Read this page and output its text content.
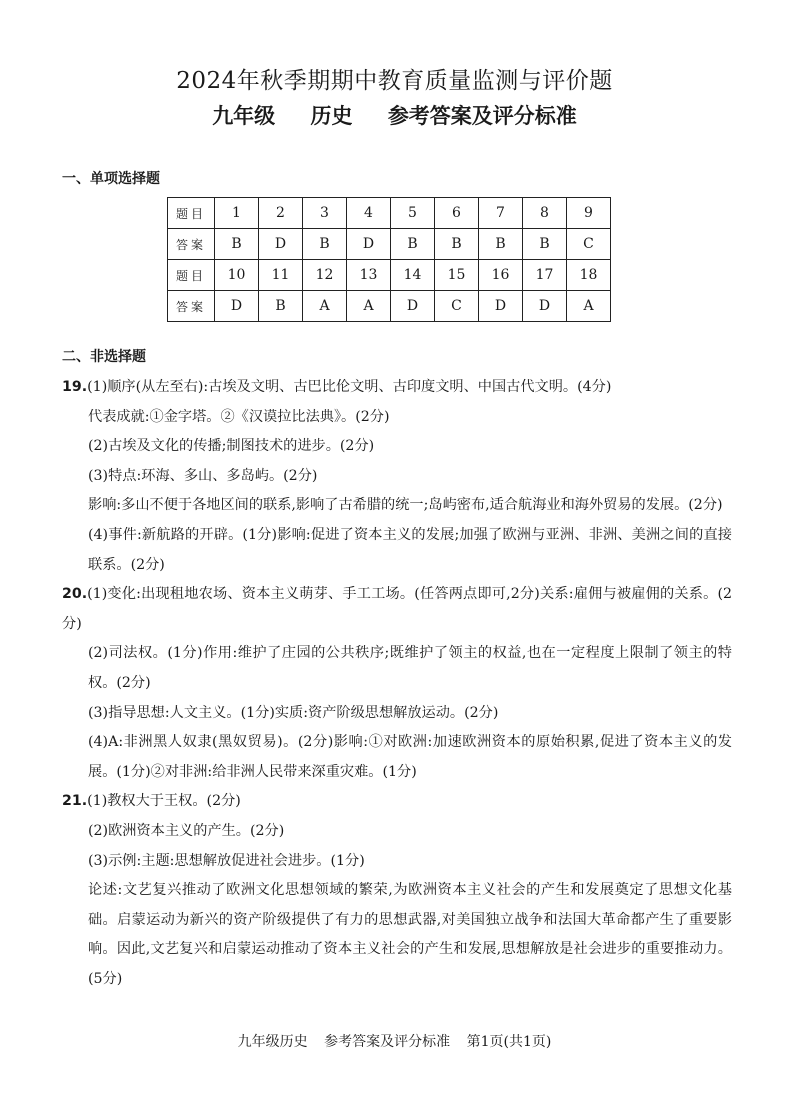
2024年秋季期期中教育质量监测与评价题
九年级 历史 参考答案及评分标准
一、单项选择题
题目	1	2	3	4	5	6	7	8	9
答案	B	D	B	D	B	B	B	B	C
题目	10	11	12	13	14	15	16	17	18
答案	D	B	A	A	D	C	D	D	A
二、非选择题

19.(1)顺序(从左至右):古埃及文明、古巴比伦文明、古印度文明、中国古代文明。(4分)

代表成就:①金字塔。②《汉谟拉比法典》。(2分)

(2)古埃及文化的传播;制图技术的进步。(2分)

(3)特点:环海、多山、多岛屿。(2分)

影响:多山不便于各地区间的联系,影响了古希腊的统一;岛屿密布,适合航海业和海外贸易的发展。(2分)

(4)事件:新航路的开辟。(1分)影响:促进了资本主义的发展;加强了欧洲与亚洲、非洲、美洲之间的直接联系。(2分)

20.(1)变化:出现租地农场、资本主义萌芽、手工工场。(任答两点即可,2分)关系:雇佣与被雇佣的关系。(2分)

(2)司法权。(1分)作用:维护了庄园的公共秩序;既维护了领主的权益,也在一定程度上限制了领主的特权。(2分)

(3)指导思想:人文主义。(1分)实质:资产阶级思想解放运动。(2分)

(4)A:非洲黑人奴隶(黑奴贸易)。(2分)影响:①对欧洲:加速欧洲资本的原始积累,促进了资本主义的发展。(1分)②对非洲:给非洲人民带来深重灾难。(1分)

21.(1)教权大于王权。(2分)

(2)欧洲资本主义的产生。(2分)

(3)示例:主题:思想解放促进社会进步。(1分)

论述:文艺复兴推动了欧洲文化思想领域的繁荣,为欧洲资本主义社会的产生和发展奠定了思想文化基础。启蒙运动为新兴的资产阶级提供了有力的思想武器,对美国独立战争和法国大革命都产生了重要影响。因此,文艺复兴和启蒙运动推动了资本主义社会的产生和发展,思想解放是社会进步的重要推动力。(5分)

九年级历史 参考答案及评分标准 第1页(共1页)
